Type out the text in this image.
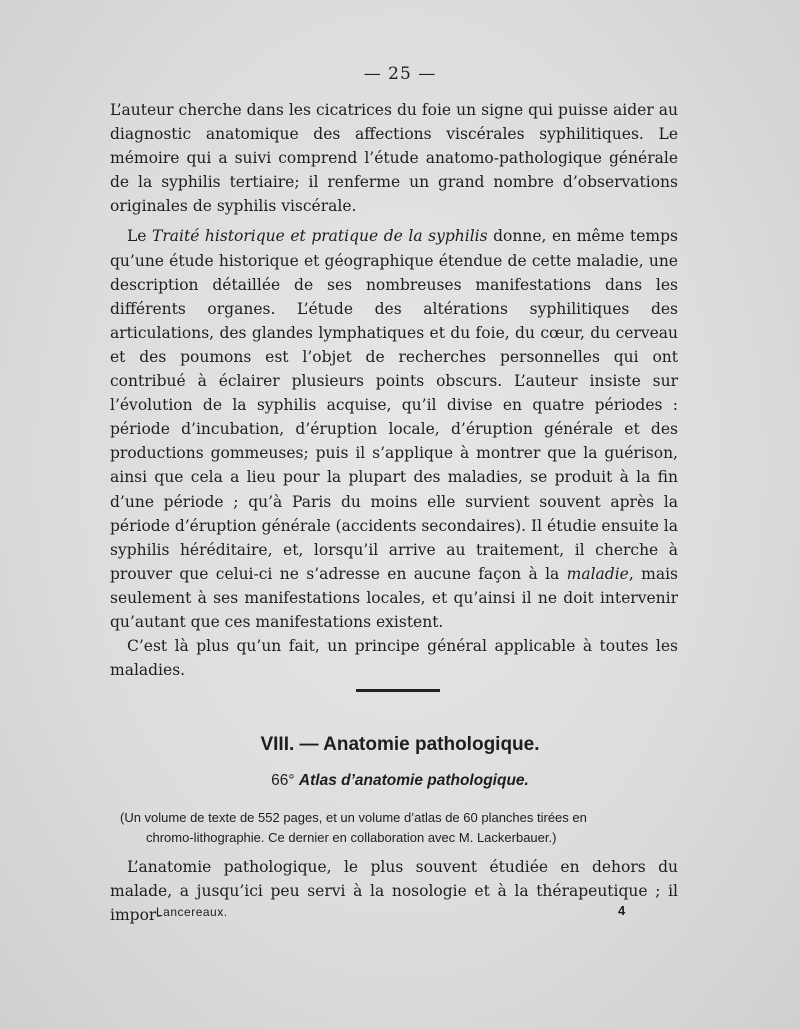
— 25 —

L’auteur cherche dans les cicatrices du foie un signe qui puisse aider au diagnostic anatomique des affections viscérales syphilitiques. Le mémoire qui a suivi comprend l’étude anatomo-pathologique générale de la syphilis tertiaire; il renferme un grand nombre d’observations originales de syphilis viscérale.

Le Traité historique et pratique de la syphilis donne, en même temps qu’une étude historique et géographique étendue de cette maladie, une description détaillée de ses nombreuses manifestations dans les différents organes. L’étude des altérations syphilitiques des articulations, des glandes lymphatiques et du foie, du cœur, du cerveau et des poumons est l’objet de recherches personnelles qui ont contribué à éclairer plusieurs points obscurs. L’auteur insiste sur l’évolution de la syphilis acquise, qu’il divise en quatre périodes : période d’incubation, d’éruption locale, d’éruption générale et des productions gommeuses; puis il s’applique à montrer que la guérison, ainsi que cela a lieu pour la plupart des maladies, se produit à la fin d’une période ; qu’à Paris du moins elle survient souvent après la période d’éruption générale (accidents secondaires). Il étudie ensuite la syphilis héréditaire, et, lorsqu’il arrive au traitement, il cherche à prouver que celui-ci ne s’adresse en aucune façon à la maladie, mais seulement à ses manifestations locales, et qu’ainsi il ne doit intervenir qu’autant que ces manifestations existent.

C’est là plus qu’un fait, un principe général applicable à toutes les maladies.

VIII. — Anatomie pathologique.
66° Atlas d’anatomie pathologique.
(Un volume de texte de 552 pages, et un volume d’atlas de 60 planches tirées en
chromo-lithographie. Ce dernier en collaboration avec M. Lackerbauer.)

L’anatomie pathologique, le plus souvent étudiée en dehors du malade, a jusqu’ici peu servi à la nosologie et à la thérapeutique ; il impor-

Lancereaux.	4
